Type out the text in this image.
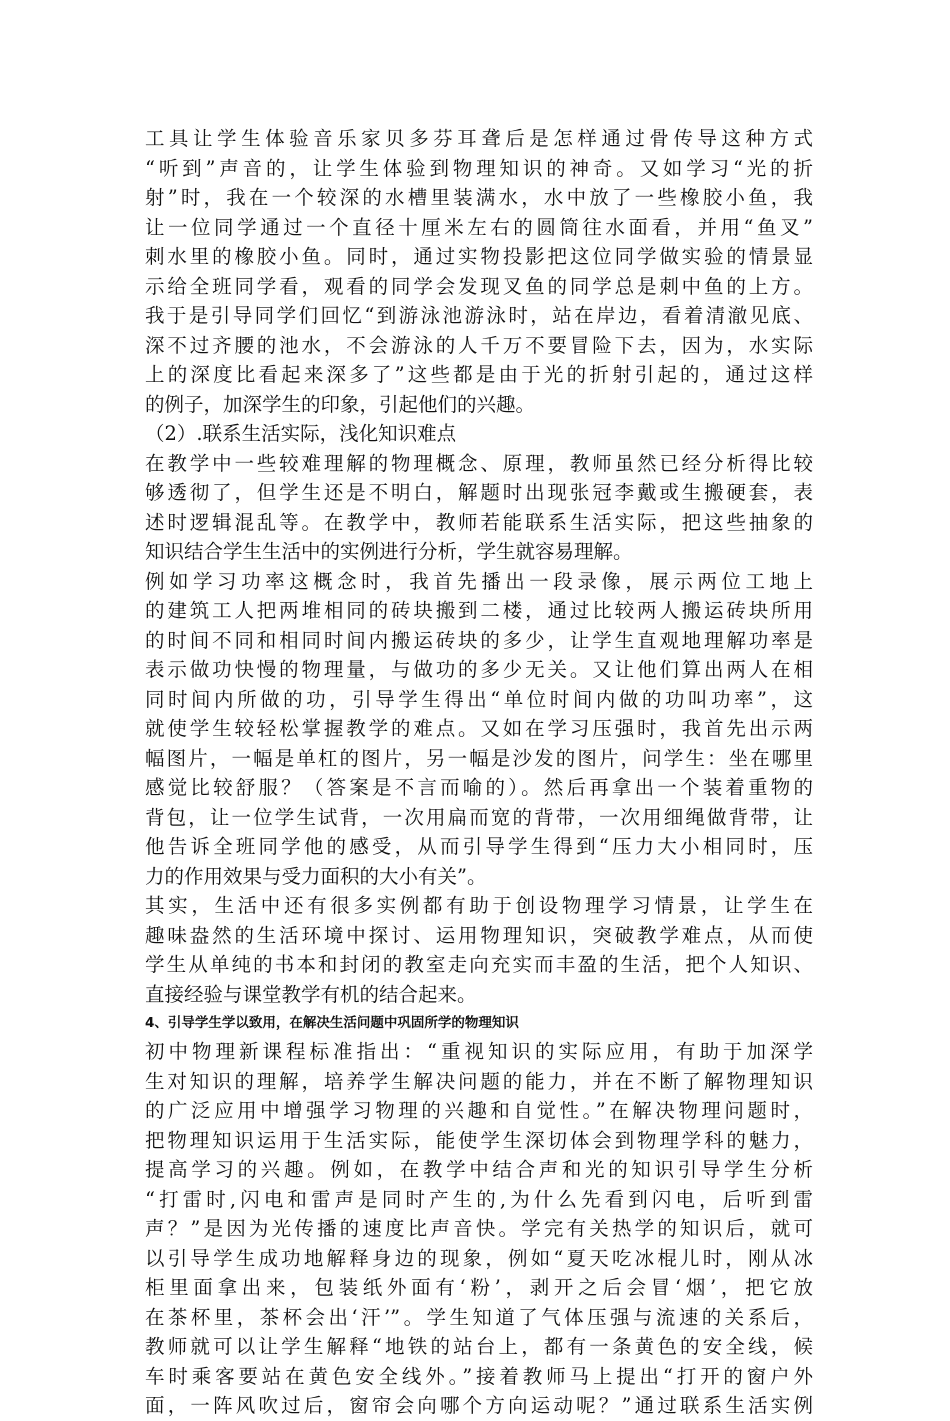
工具让学生体验音乐家贝多芬耳聋后是怎样通过骨传导这种方式
“听到”声音的，让学生体验到物理知识的神奇。又如学习“光的折
射”时，我在一个较深的水槽里装满水，水中放了一些橡胶小鱼，我
让一位同学通过一个直径十厘米左右的圆筒往水面看，并用“鱼叉”
刺水里的橡胶小鱼。同时，通过实物投影把这位同学做实验的情景显
示给全班同学看，观看的同学会发现叉鱼的同学总是刺中鱼的上方。
我于是引导同学们回忆“到游泳池游泳时，站在岸边，看着清澈见底、
深不过齐腰的池水，不会游泳的人千万不要冒险下去，因为，水实际
上的深度比看起来深多了”这些都是由于光的折射引起的，通过这样
的例子，加深学生的印象，引起他们的兴趣。
（2）.联系生活实际，浅化知识难点
在教学中一些较难理解的物理概念、原理，教师虽然已经分析得比较
够透彻了，但学生还是不明白，解题时出现张冠李戴或生搬硬套，表
述时逻辑混乱等。在教学中，教师若能联系生活实际，把这些抽象的
知识结合学生生活中的实例进行分析，学生就容易理解。
例如学习功率这概念时，我首先播出一段录像，展示两位工地上
的建筑工人把两堆相同的砖块搬到二楼，通过比较两人搬运砖块所用
的时间不同和相同时间内搬运砖块的多少，让学生直观地理解功率是
表示做功快慢的物理量，与做功的多少无关。又让他们算出两人在相
同时间内所做的功，引导学生得出“单位时间内做的功叫功率”，这
就使学生较轻松掌握教学的难点。又如在学习压强时，我首先出示两
幅图片，一幅是单杠的图片，另一幅是沙发的图片，问学生：坐在哪里
感觉比较舒服？（答案是不言而喻的）。然后再拿出一个装着重物的
背包，让一位学生试背，一次用扁而宽的背带，一次用细绳做背带，让
他告诉全班同学他的感受，从而引导学生得到“压力大小相同时，压
力的作用效果与受力面积的大小有关”。
其实，生活中还有很多实例都有助于创设物理学习情景，让学生在
趣味盎然的生活环境中探讨、运用物理知识，突破教学难点，从而使
学生从单纯的书本和封闭的教室走向充实而丰盈的生活，把个人知识、
直接经验与课堂教学有机的结合起来。
4、引导学生学以致用，在解决生活问题中巩固所学的物理知识
初中物理新课程标准指出：“重视知识的实际应用，有助于加深学
生对知识的理解，培养学生解决问题的能力，并在不断了解物理知识
的广泛应用中增强学习物理的兴趣和自觉性。”在解决物理问题时，
把物理知识运用于生活实际，能使学生深切体会到物理学科的魅力，
提高学习的兴趣。例如，在教学中结合声和光的知识引导学生分析
“打雷时,闪电和雷声是同时产生的,为什么先看到闪电，后听到雷
声？”是因为光传播的速度比声音快。学完有关热学的知识后，就可
以引导学生成功地解释身边的现象，例如“夏天吃冰棍儿时，刚从冰
柜里面拿出来，包装纸外面有‘粉’，剥开之后会冒‘烟’，把它放
在茶杯里，茶杯会出‘汗’”。学生知道了气体压强与流速的关系后，
教师就可以让学生解释“地铁的站台上，都有一条黄色的安全线，候
车时乘客要站在黄色安全线外。”接着教师马上提出“打开的窗户外
面，一阵风吹过后，窗帘会向哪个方向运动呢？”通过联系生活实例
